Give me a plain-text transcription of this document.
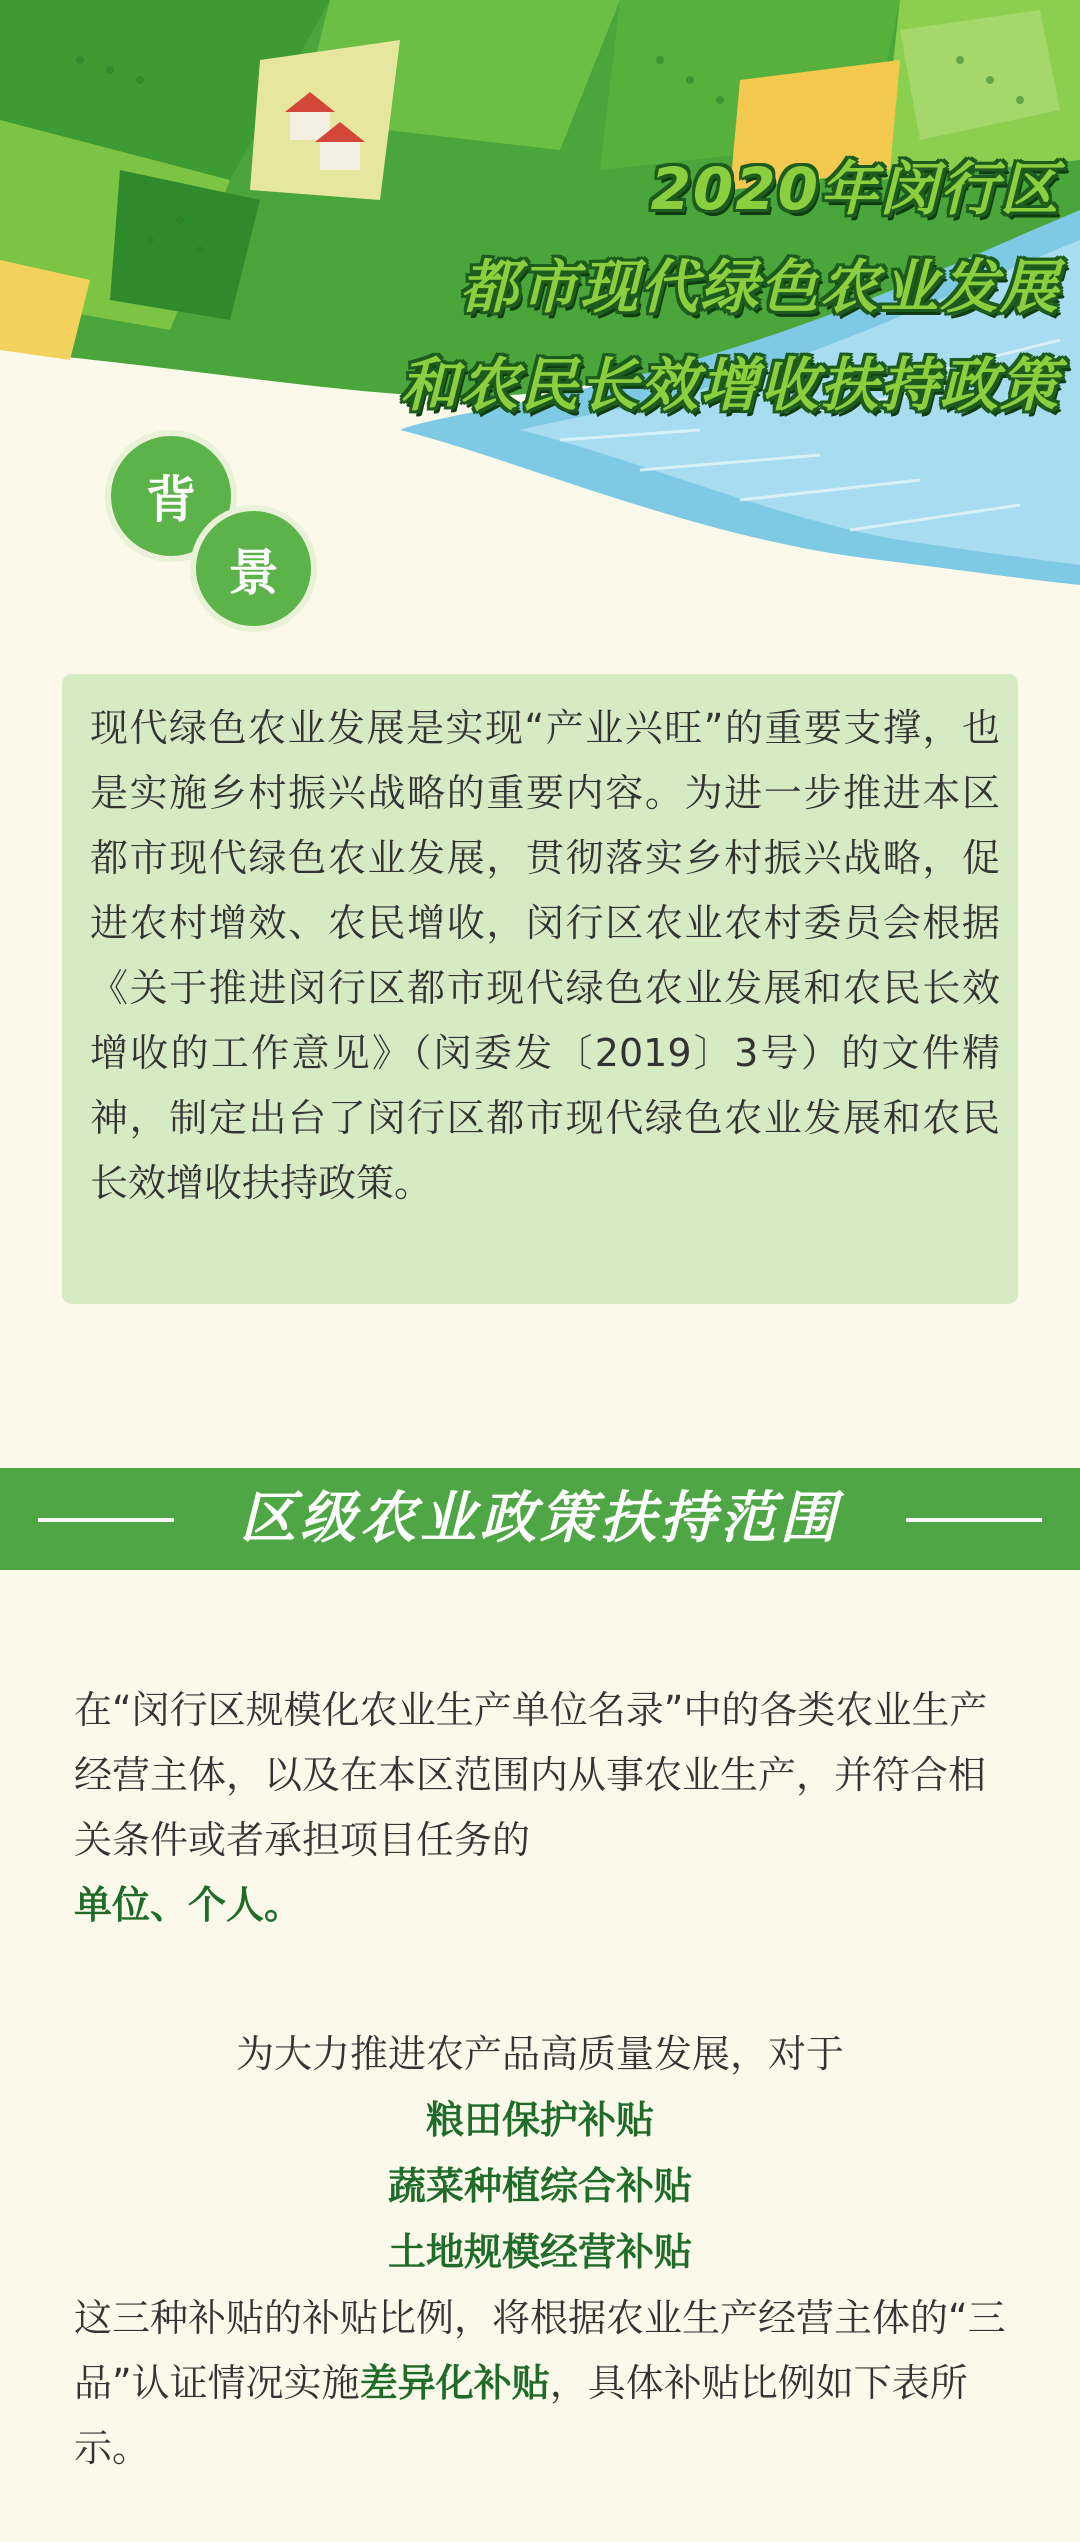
2020年闵行区
都市现代绿色农业发展
和农民长效增收扶持政策
背
景

现代绿色农业发展是实现“产业兴旺”的重要支撑，也是实施乡村振兴战略的重要内容。为进一步推进本区都市现代绿色农业发展，贯彻落实乡村振兴战略，促进农村增效、农民增收，闵行区农业农村委员会根据《关于推进闵行区都市现代绿色农业发展和农民长效增收的工作意见》（闵委发〔2019〕3号）的文件精神，制定出台了闵行区都市现代绿色农业发展和农民长效增收扶持政策。

区级农业政策扶持范围

在“闵行区规模化农业生产单位名录”中的各类农业生产经营主体，以及在本区范围内从事农业生产，并符合相关条件或者承担项目任务的
单位、个人。

为大力推进农产品高质量发展，对于

粮田保护补贴

蔬菜种植综合补贴

土地规模经营补贴

这三种补贴的补贴比例，将根据农业生产经营主体的“三品”认证情况实施差异化补贴，具体补贴比例如下表所示。
